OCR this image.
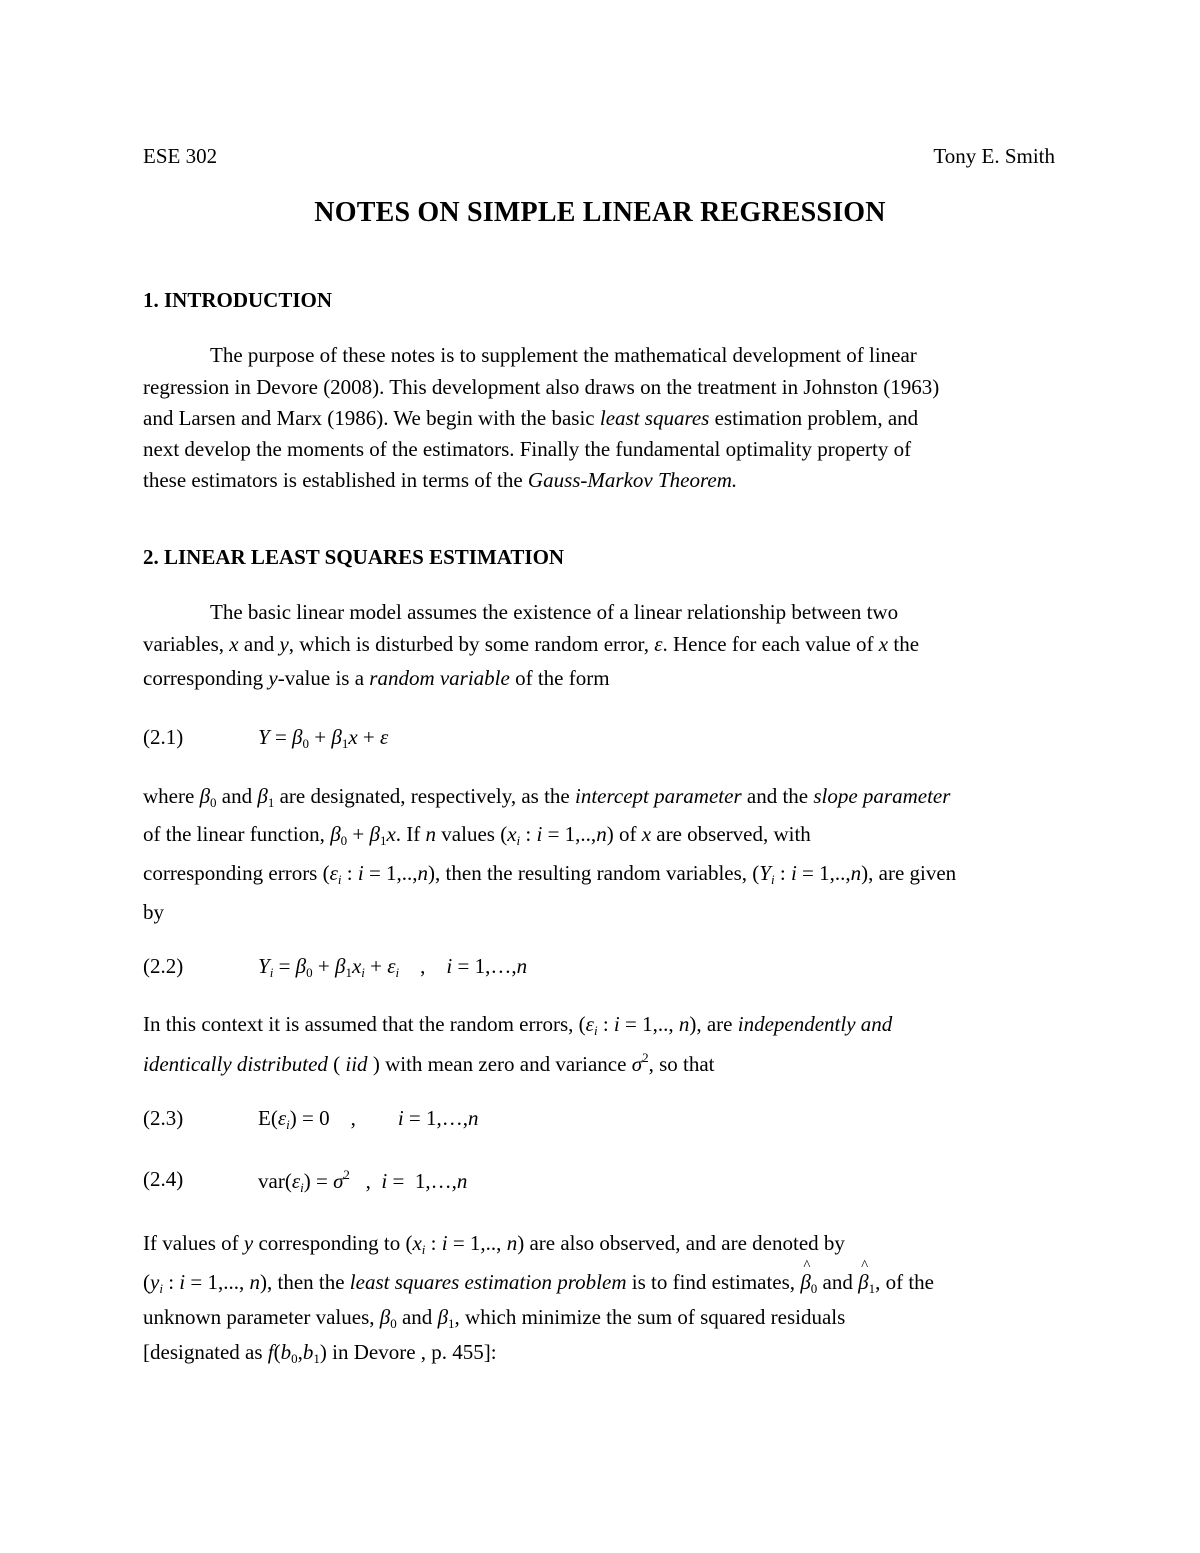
ESE 302	Tony E. Smith
NOTES ON SIMPLE LINEAR REGRESSION
1. INTRODUCTION
The purpose of these notes is to supplement the mathematical development of linear
regression in Devore (2008). This development also draws on the treatment in Johnston (1963)
and Larsen and Marx (1986). We begin with the basic least squares estimation problem, and
next develop the moments of the estimators. Finally the fundamental optimality property of
these estimators is established in terms of the Gauss-Markov Theorem.
2. LINEAR LEAST SQUARES ESTIMATION
The basic linear model assumes the existence of a linear relationship between two
variables, x and y, which is disturbed by some random error, ε. Hence for each value of x the
corresponding y-value is a random variable of the form
(2.1)	$Y = \beta_0 + \beta_1x + \varepsilon$
where $\beta_0$ and $\beta_1$ are designated, respectively, as the intercept parameter and the slope parameter
of the linear function, $\beta_0 + \beta_1x$. If n values ($x_i$ : i = 1,..,n) of x are observed, with
corresponding errors ($\varepsilon_i$ : i = 1,..,n), then the resulting random variables, ($Y_i$ : i = 1,..,n), are given
by
(2.2)	$Y_i = \beta_0 + \beta_1x_i + \varepsilon_i$    ,    i = 1,…,n
In this context it is assumed that the random errors, ($\varepsilon_i$ : i = 1,.., n), are independently and
identically distributed ( iid ) with mean zero and variance $\sigma^2$, so that
(2.3)	$E(\varepsilon_i) = 0$    ,        i = 1,…,n
(2.4)	$var(\varepsilon_i) = \sigma^2$   ,  i =  1,…,n
If values of y corresponding to ($x_i$ : i = 1,.., n) are also observed, and are denoted by
($y_i$ : i = 1,..., n), then the least squares estimation problem is to find estimates, ^ $\beta_0$ and ^ $\beta_1$, of the
unknown parameter values, $\beta_0$ and $\beta_1$, which minimize the sum of squared residuals
[designated as $f(b_0,b_1)$ in Devore , p. 455]:
